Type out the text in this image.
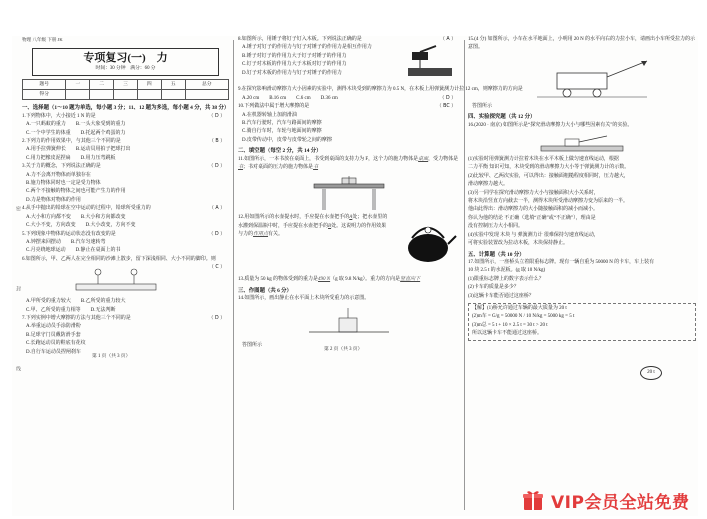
密
封
线
物理 八年级 下册 JK
专项复习(一)　力
时间：30 分钟　满分：60 分
题号	一	二	三	四	五	总分
得分						
一、选择题（1～10 题为单选，每小题 3 分；11、12 题为多选，每小题 4 分，共 38 分）
1.下列物体中，大小接近 1 N 的是	（ D ）
A.一只蚂蚁的重力　　B.一头大象受到的重力
C.一个中学生的体重　　D.托起两个鸡蛋的力
2.下列力的作用效果中，与其他三个不同的是	（ B ）
A.用手拉弹簧伸长　　B.运动员用拍子把球打出
C.用力把橡皮泥捏扁　　D.用力压弯跳板
3.关于力的概念，下列说法正确的是	（ D ）
A.力不会离开物体而单独存在
B.施力物体同时也一定是受力物体
C.两个不接触的物体之间也可能产生力的作用
D.力是物体对物体的作用
4.从手中抛出的铅球在空中运动的过程中，铅球所受重力的	（ A ）
A.大小和方向都不变　　B.大小和方向都改变
C.大小不变，方向改变　　D.大小改变，方向不变
5.下列现象中物体的运动状态没有改变的是	（ D ）
A.钟摆来回摆动　　B.汽车匀速转弯
C.月亮绕地球运动　　D.静止在桌面上的书
6.如图所示，甲、乙两人在完全相同的沙滩上散步，留下深浅相同、大小不同的脚印。则
（ C ）
A.甲所受的重力较大　　B.乙所受的重力较大
C.甲、乙所受的重力相等　　D.无法判断
7.下列实例中增大摩擦的方法与其他三个不同的是	（ D ）
A.举重运动员手涂防滑粉
B.足球守门员戴防滑手套
C.长跑运动员的鞋底有花纹
D.自行车运动员捏闸刹车
第 1 页（共 3 页）
8.如图所示，用锤子将钉子钉入木板。下列说法正确的是	（ A ）
A.锤子对钉子的作用力与钉子对锤子的作用力是相互作用力
B.锤子对钉子的作用力大于钉子对锤子的作用力
C.钉子对木板的作用力大于木板对钉子的作用力
D.钉子对木板的作用力与钉子对锤子的作用力
9.在探究影响滑动摩擦力大小因素的实验中，测得木块受到的摩擦力为 0.5 N，在木板上用弹簧测力计拉 12 cm，则摩擦力的方向是
（ D ）
A.20 cm　　B.16 cm　　C.6 cm　　D.36 cm
10.下列做法中属于增大摩擦的是	（ BC ）
A.在机器转轴上加润滑油
B.汽车行驶时，汽车与路面间的摩擦
C.骑自行车时，车轮与地面间的摩擦
D.皮带传动中，皮带与皮带轮之间的摩擦
二、填空题（每空 2 分，共 14 分）
11.如图所示，一本书放在桌面上，书受到桌面的支持力为 F，这个力的施力物体是桌面，受力物体是书；书对桌面的压力的施力物体是书
12.用如图所示的水壶提水时，手应提在水壶把手的A处；把水壶里的水灌到保温瓶中时，手应提在水壶把手的B处。这说明力的作用效果与力的作用点有关。
13.质量为 50 kg 的物体受到的重力是490 N（g 取 9.8 N/kg）。重力的方向是竖直向下
三、作图题（共 6 分）
14.如图所示，画出静止在水平面上木块所受重力的示意图。
答图所示
第 2 页（共 3 页）
15.(4 分) 如图所示，小车在水平地面上，小明用 20 N 的水平向右的力拉小车，请画出小车所受拉力的示意图。
答图所示
四、实验探究题（共 12 分）
16.(2020 · 南京) 如图所示是“探究滑动摩擦力大小与哪些因素有关”的实验。
(1)实验时用弹簧测力计拉着木块在水平木板上做匀速直线运动，根据
二力平衡 知识可知，木块受到的滑动摩擦力大小等于弹簧测力计的示数。
(2)比较甲、乙两次实验，可以得出：接触面粗糙程度相同时，压力越大，
滑动摩擦力越大。
(3)另一同学在探究滑动摩擦力大小与接触面积大小关系时，
将木块沿竖直方向截去一半，测得木块所受滑动摩擦力变为原来的一半。
他由此得出：滑动摩擦力的大小随接触面积的减小而减小。
你认为他的结论 不正确（选填“正确”或“不正确”），理由是
没有控制压力大小相同。
(4)实验中发现 木块 与 弹簧测力计 很难保持匀速直线运动，
可将实验装置改为拉动木板，木块保持静止。
五、计算题（共 10 分）
17.如图所示，一座桥头立着限重标志牌。现有一辆自重为 50000 N 的卡车，车上装有 10 块 2.5 t 的水泥板。(g 取 10 N/kg)
(1)限重标志牌上的数字表示什么？
(2)卡车的质量是多少？
(3)这辆卡车能否通过这座桥？
【解】(1)桥允许通过车辆的最大质量为 20 t
(2)m车 = G/g = 50000 N / 10 N/kg = 5000 kg = 5 t
(3)m总 = 5 t + 10 × 2.5 t = 30 t > 20 t
所以这辆卡车不能通过这座桥。
20 t
VIP会员全站免费
